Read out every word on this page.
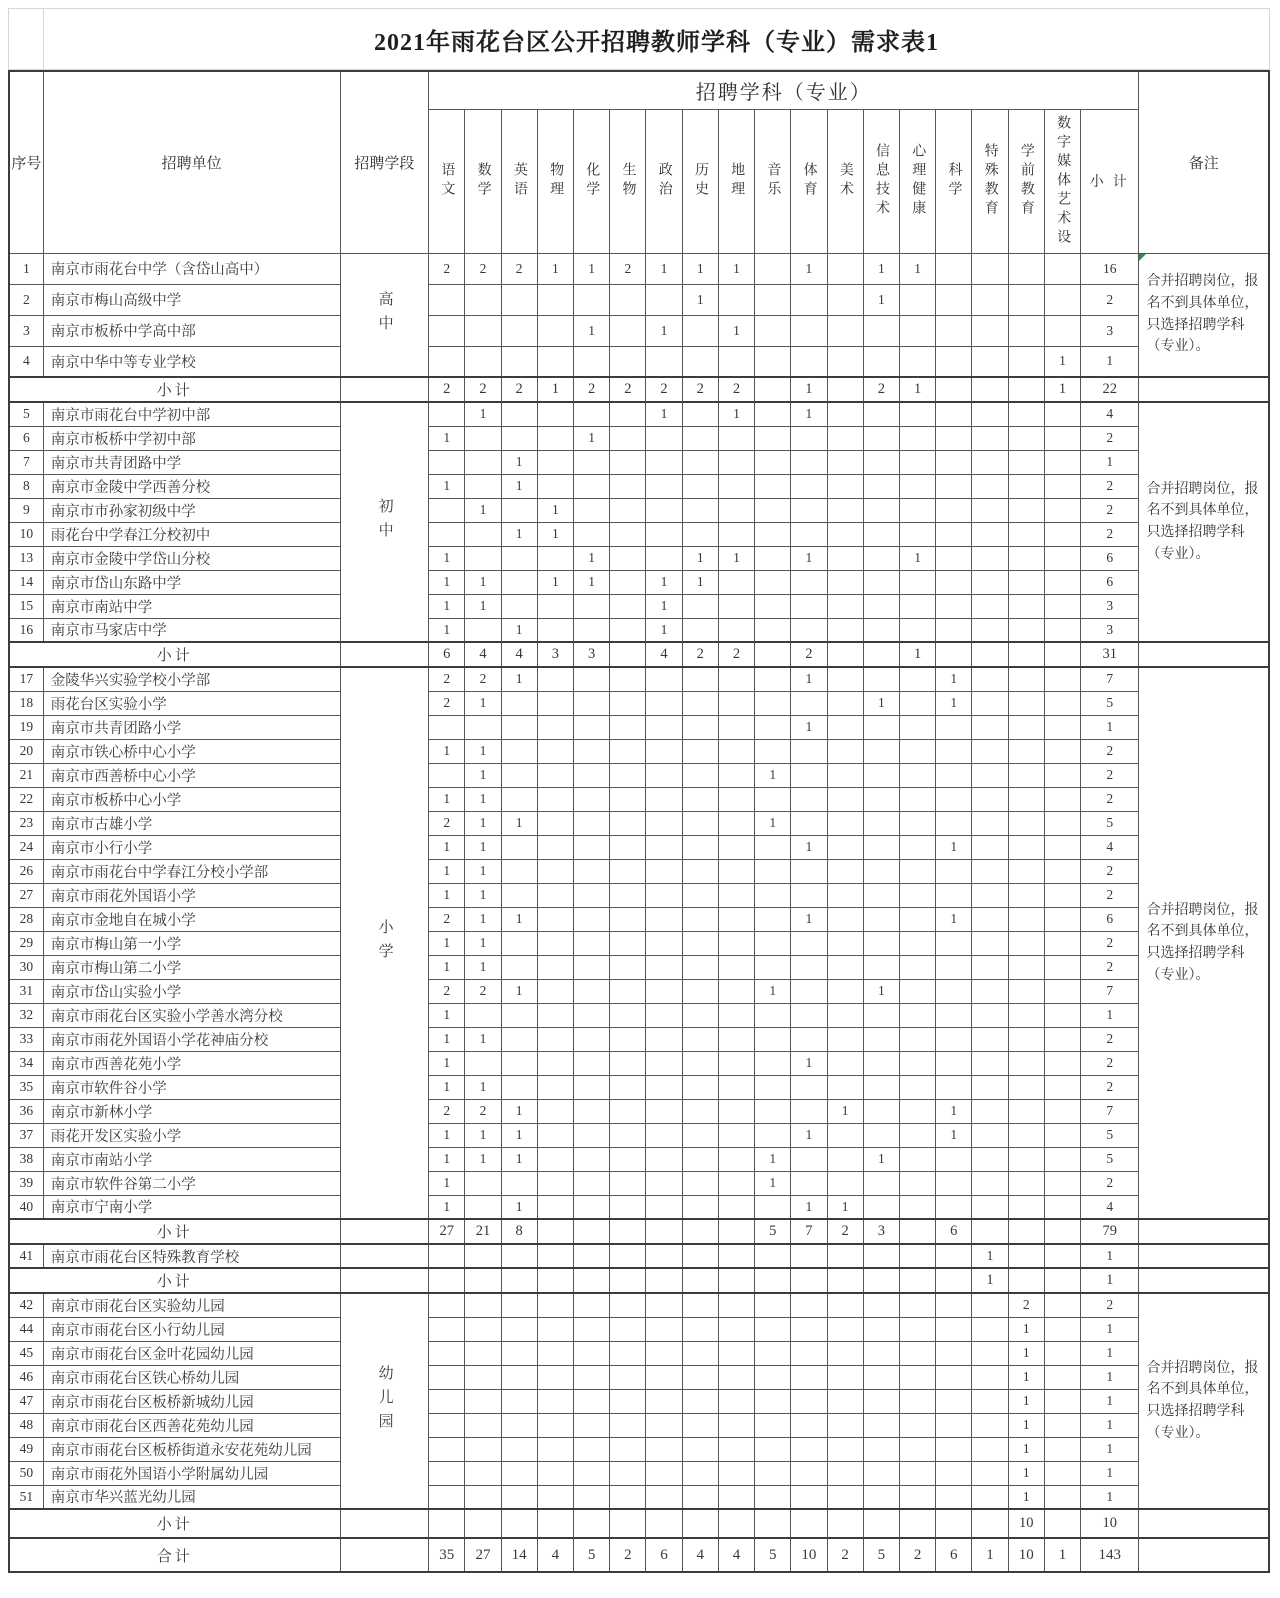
2021年雨花台区公开招聘教师学科（专业）需求表1
序号	招聘单位	招聘学段	招聘学科（专业）																			备注

			语文	数学	英语	物理	化学	生物	政治	历史	地理	音乐	体育	美术	信息技术	心理健康	科学	特殊教育	学前教育	数字媒体艺术设	小计	
1	南京市雨花台中学（含岱山高中）	高中	2	2	2	1	1	2	1	1	1		1		1	1					16	合并招聘岗位，报名不到具体单位，只选择招聘学科（专业）。
2	南京市梅山高级中学									1					1						2	
3	南京市板桥中学高中部						1		1		1										3	
4	南京中华中等专业学校																			1	1	
小计			2	2	2	1	2	2	2	2	2		1		2	1				1	22	
5	南京市雨花台中学初中部	初中		1					1		1		1								4	合并招聘岗位，报名不到具体单位，只选择招聘学科（专业）。
6	南京市板桥中学初中部		1				1														2	
7	南京市共青团路中学				1																1	
8	南京市金陵中学西善分校		1		1																2	
9	南京市市孙家初级中学			1		1															2	
10	雨花台中学春江分校初中				1	1															2	
13	南京市金陵中学岱山分校		1				1			1	1		1			1					6	
14	南京市岱山东路中学		1	1		1	1		1	1											6	
15	南京市南站中学		1	1					1												3	
16	南京市马家店中学		1		1				1												3	
小计			6	4	4	3	3		4	2	2		2			1					31	
17	金陵华兴实验学校小学部	小学	2	2	1								1				1				7	合并招聘岗位，报名不到具体单位，只选择招聘学科（专业）。
18	雨花台区实验小学		2	1											1		1				5	
19	南京市共青团路小学												1								1	
20	南京市铁心桥中心小学		1	1																	2	
21	南京市西善桥中心小学			1								1									2	
22	南京市板桥中心小学		1	1																	2	
23	南京市古雄小学		2	1	1							1									5	
24	南京市小行小学		1	1									1				1				4	
26	南京市雨花台中学春江分校小学部		1	1																	2	
27	南京市雨花外国语小学		1	1																	2	
28	南京市金地自在城小学		2	1	1								1				1				6	
29	南京市梅山第一小学		1	1																	2	
30	南京市梅山第二小学		1	1																	2	
31	南京市岱山实验小学		2	2	1							1			1						7	
32	南京市雨花台区实验小学善水湾分校		1																		1	
33	南京市雨花外国语小学花神庙分校		1	1																	2	
34	南京市西善花苑小学		1										1								2	
35	南京市软件谷小学		1	1																	2	
36	南京市新林小学		2	2	1									1			1				7	
37	雨花开发区实验小学		1	1	1								1				1				5	
38	南京市南站小学		1	1	1							1			1						5	
39	南京市软件谷第二小学		1									1									2	
40	南京市宁南小学		1		1								1	1							4	
小计			27	21	8							5	7	2	3		6				79	
41	南京市雨花台区特殊教育学校																	1			1	
小计																		1			1	
42	南京市雨花台区实验幼儿园	幼儿园																	2		2	合并招聘岗位，报名不到具体单位，只选择招聘学科（专业）。
44	南京市雨花台区小行幼儿园																		1		1	
45	南京市雨花台区金叶花园幼儿园																		1		1	
46	南京市雨花台区铁心桥幼儿园																		1		1	
47	南京市雨花台区板桥新城幼儿园																		1		1	
48	南京市雨花台区西善花苑幼儿园																		1		1	
49	南京市雨花台区板桥街道永安花苑幼儿园																		1		1	
50	南京市雨花外国语小学附属幼儿园																		1		1	
51	南京市华兴蓝光幼儿园																		1		1	
小计																			10		10	
合计			35	27	14	4	5	2	6	4	4	5	10	2	5	2	6	1	10	1	143	
